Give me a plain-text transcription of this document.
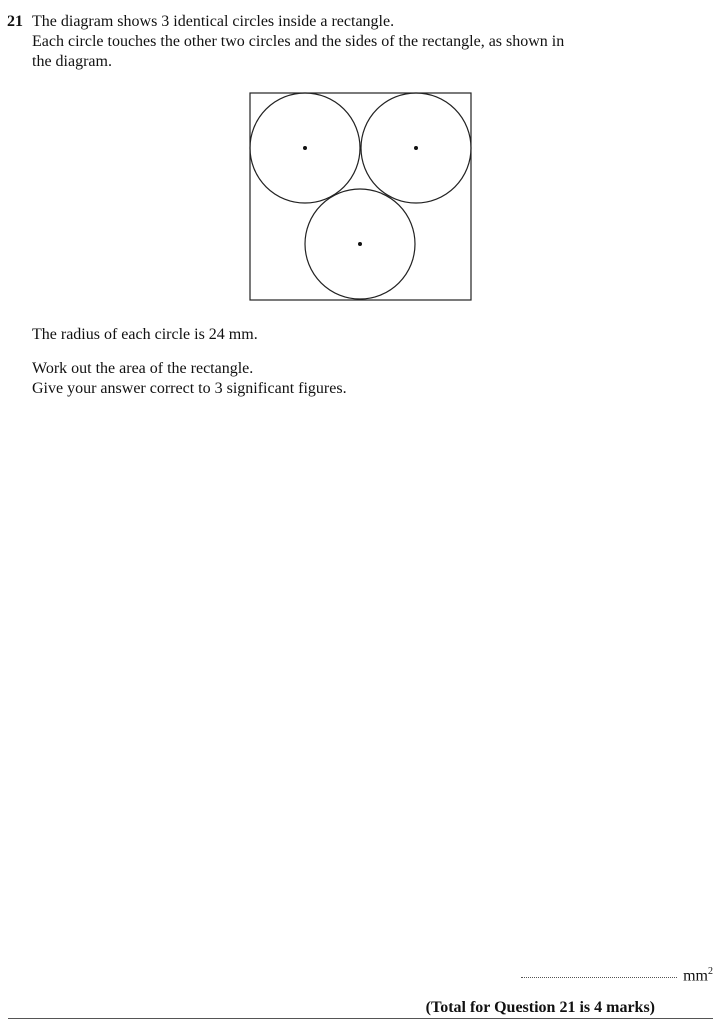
21 The diagram shows 3 identical circles inside a rectangle.
Each circle touches the other two circles and the sides of the rectangle, as shown in
the diagram.
The radius of each circle is 24 mm.
Work out the area of the rectangle.
Give your answer correct to 3 significant figures.
$mm^2$
(Total for Question 21 is 4 marks)
